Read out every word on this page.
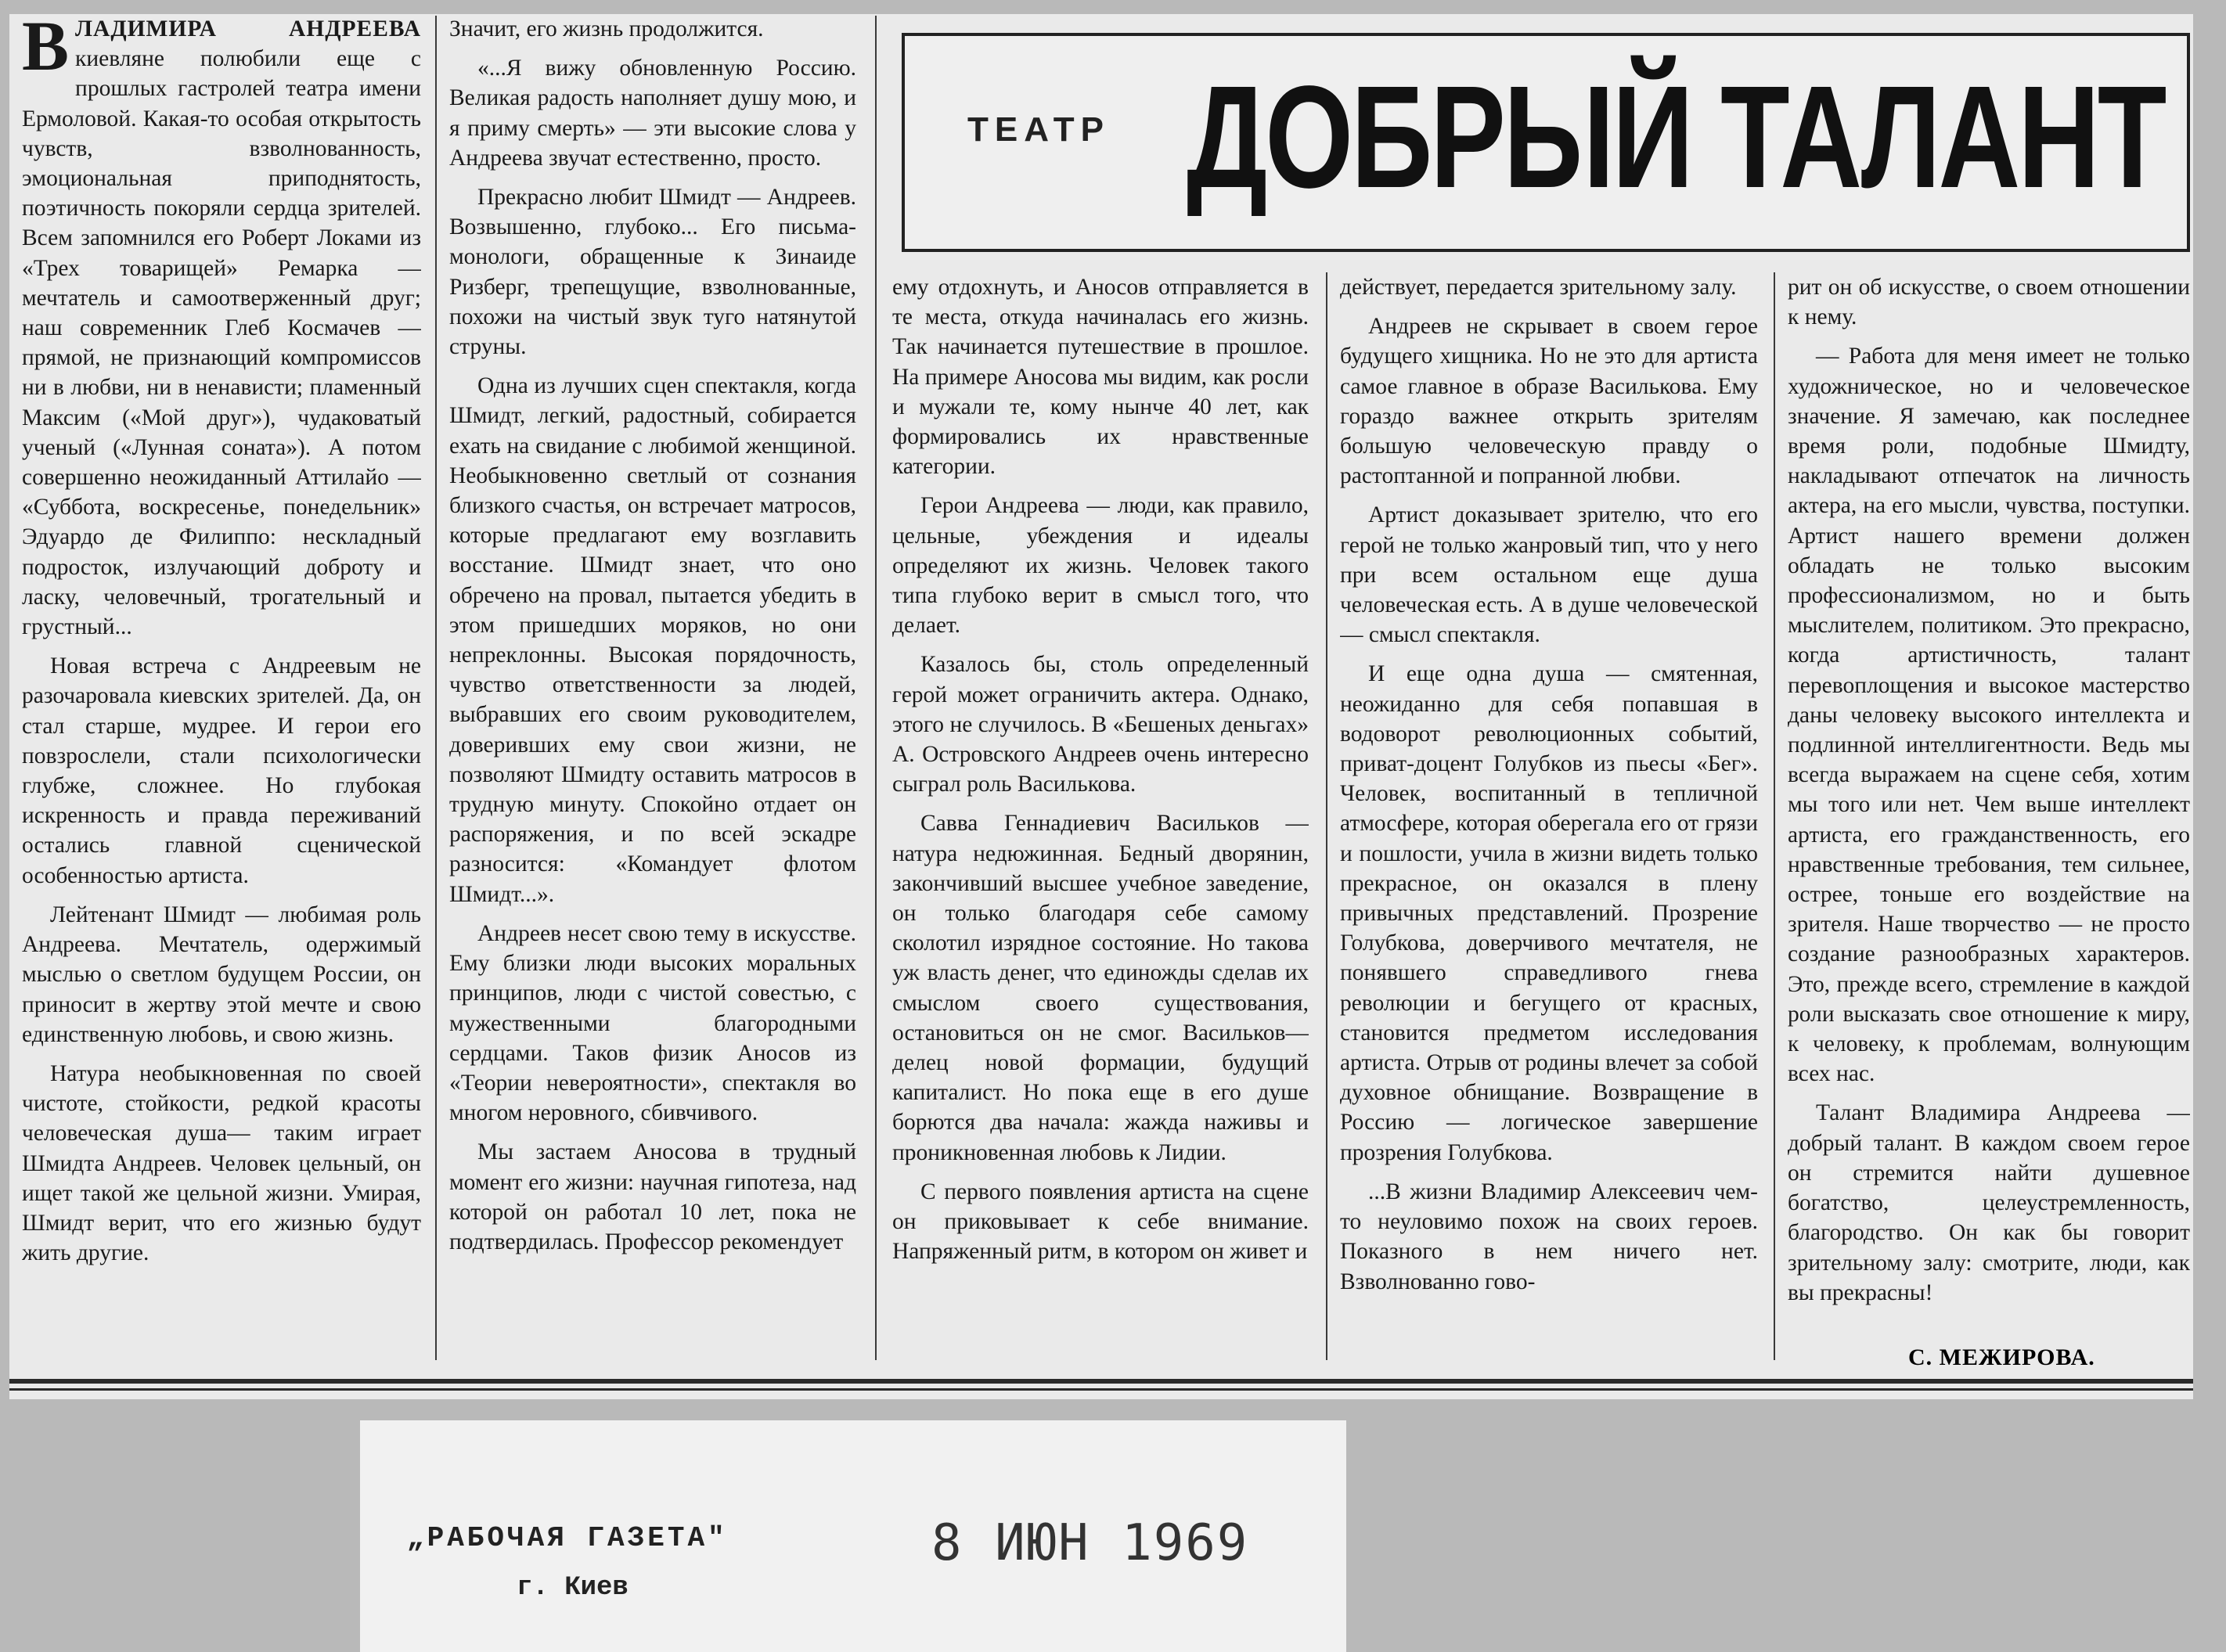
ВЛАДИМИРА АНДРЕЕВА киевляне полюбили еще с прошлых гастролей театра имени Ермоловой. Какая-то особая открытость чувств, взволнованность, эмоциональная приподнятость, поэтичность покоряли сердца зрителей. Всем запомнился его Роберт Локами из «Трех товарищей» Ремарка — мечтатель и самоотверженный друг; наш современник Глеб Космачев — прямой, не признающий компромиссов ни в любви, ни в ненависти; пламенный Максим («Мой друг»), чудаковатый ученый («Лунная соната»). А потом совершенно неожиданный Аттилайо — «Суббота, воскресенье, понедельник» Эдуардо де Филиппо: нескладный подросток, излучающий доброту и ласку, человечный, трогательный и грустный...

Новая встреча с Андреевым не разочаровала киевских зрителей. Да, он стал старше, мудрее. И герои его повзрослели, стали психологически глубже, сложнее. Но глубокая искренность и правда переживаний остались главной сценической особенностью артиста.

Лейтенант Шмидт — любимая роль Андреева. Мечтатель, одержимый мыслью о светлом будущем России, он приносит в жертву этой мечте и свою единственную любовь, и свою жизнь.

Натура необыкновенная по своей чистоте, стойкости, редкой красоты человеческая душа— таким играет Шмидта Андреев. Человек цельный, он ищет такой же цельной жизни. Умирая, Шмидт верит, что его жизнью будут жить другие.

Значит, его жизнь продолжится.

«...Я вижу обновленную Россию. Великая радость наполняет душу мою, и я приму смерть» — эти высокие слова у Андреева звучат естественно, просто.

Прекрасно любит Шмидт — Андреев. Возвышенно, глубоко... Его письма-монологи, обращенные к Зинаиде Ризберг, трепещущие, взволнованные, похожи на чистый звук туго натянутой струны.

Одна из лучших сцен спектакля, когда Шмидт, легкий, радостный, собирается ехать на свидание с любимой женщиной. Необыкновенно светлый от сознания близкого счастья, он встречает матросов, которые предлагают ему возглавить восстание. Шмидт знает, что оно обречено на провал, пытается убедить в этом пришедших моряков, но они непреклонны. Высокая порядочность, чувство ответственности за людей, выбравших его своим руководителем, доверивших ему свои жизни, не позволяют Шмидту оставить матросов в трудную минуту. Спокойно отдает он распоряжения, и по всей эскадре разносится: «Командует флотом Шмидт...».

Андреев несет свою тему в искусстве. Ему близки люди высоких моральных принципов, люди с чистой совестью, с мужественными благородными сердцами. Таков физик Аносов из «Теории невероятности», спектакля во многом неровного, сбивчивого.

Мы застаем Аносова в трудный момент его жизни: научная гипотеза, над которой он работал 10 лет, пока не подтвердилась. Профессор рекомендует

ТЕАТР ДОБРЫЙ ТАЛАНТ

ему отдохнуть, и Аносов отправляется в те места, откуда начиналась его жизнь. Так начинается путешествие в прошлое. На примере Аносова мы видим, как росли и мужали те, кому нынче 40 лет, как формировались их нравственные категории.

Герои Андреева — люди, как правило, цельные, убеждения и идеалы определяют их жизнь. Человек такого типа глубоко верит в смысл того, что делает.

Казалось бы, столь определенный герой может ограничить актера. Однако, этого не случилось. В «Бешеных деньгах» А. Островского Андреев очень интересно сыграл роль Василькова.

Савва Геннадиевич Васильков — натура недюжинная. Бедный дворянин, закончивший высшее учебное заведение, он только благодаря себе самому сколотил изрядное состояние. Но такова уж власть денег, что единожды сделав их смыслом своего существования, остановиться он не смог. Васильков— делец новой формации, будущий капиталист. Но пока еще в его душе борются два начала: жажда наживы и проникновенная любовь к Лидии.

С первого появления артиста на сцене он приковывает к себе внимание. Напряженный ритм, в котором он живет и

действует, передается зрительному залу.

Андреев не скрывает в своем герое будущего хищника. Но не это для артиста самое главное в образе Василькова. Ему гораздо важнее открыть зрителям большую человеческую правду о растоптанной и попранной любви.

Артист доказывает зрителю, что его герой не только жанровый тип, что у него при всем остальном еще душа человеческая есть. А в душе человеческой — смысл спектакля.

И еще одна душа — смятенная, неожиданно для себя попавшая в водоворот революционных событий, приват-доцент Голубков из пьесы «Бег». Человек, воспитанный в тепличной атмосфере, которая оберегала его от грязи и пошлости, учила в жизни видеть только прекрасное, он оказался в плену привычных представлений. Прозрение Голубкова, доверчивого мечтателя, не понявшего справедливого гнева революции и бегущего от красных, становится предметом исследования артиста. Отрыв от родины влечет за собой духовное обнищание. Возвращение в Россию — логическое завершение прозрения Голубкова.

...В жизни Владимир Алексеевич чем-то неуловимо похож на своих героев. Показного в нем ничего нет. Взволнованно гово-

рит он об искусстве, о своем отношении к нему.

— Работа для меня имеет не только художническое, но и человеческое значение. Я замечаю, как последнее время роли, подобные Шмидту, накладывают отпечаток на личность актера, на его мысли, чувства, поступки. Артист нашего времени должен обладать не только высоким профессионализмом, но и быть мыслителем, политиком. Это прекрасно, когда артистичность, талант перевоплощения и высокое мастерство даны человеку высокого интеллекта и подлинной интеллигентности. Ведь мы всегда выражаем на сцене себя, хотим мы того или нет. Чем выше интеллект артиста, его гражданственность, его нравственные требования, тем сильнее, острее, тоньше его воздействие на зрителя. Наше творчество — не просто создание разнообразных характеров. Это, прежде всего, стремление в каждой роли высказать свое отношение к миру, к человеку, к проблемам, волнующим всех нас.

Талант Владимира Андреева — добрый талант. В каждом своем герое он стремится найти душевное богатство, целеустремленность, благородство. Он как бы говорит зрительному залу: смотрите, люди, как вы прекрасны!

С. МЕЖИРОВА.
„РАБОЧАЯ ГАЗЕТА"
г. Киев
8 ИЮН 1969
